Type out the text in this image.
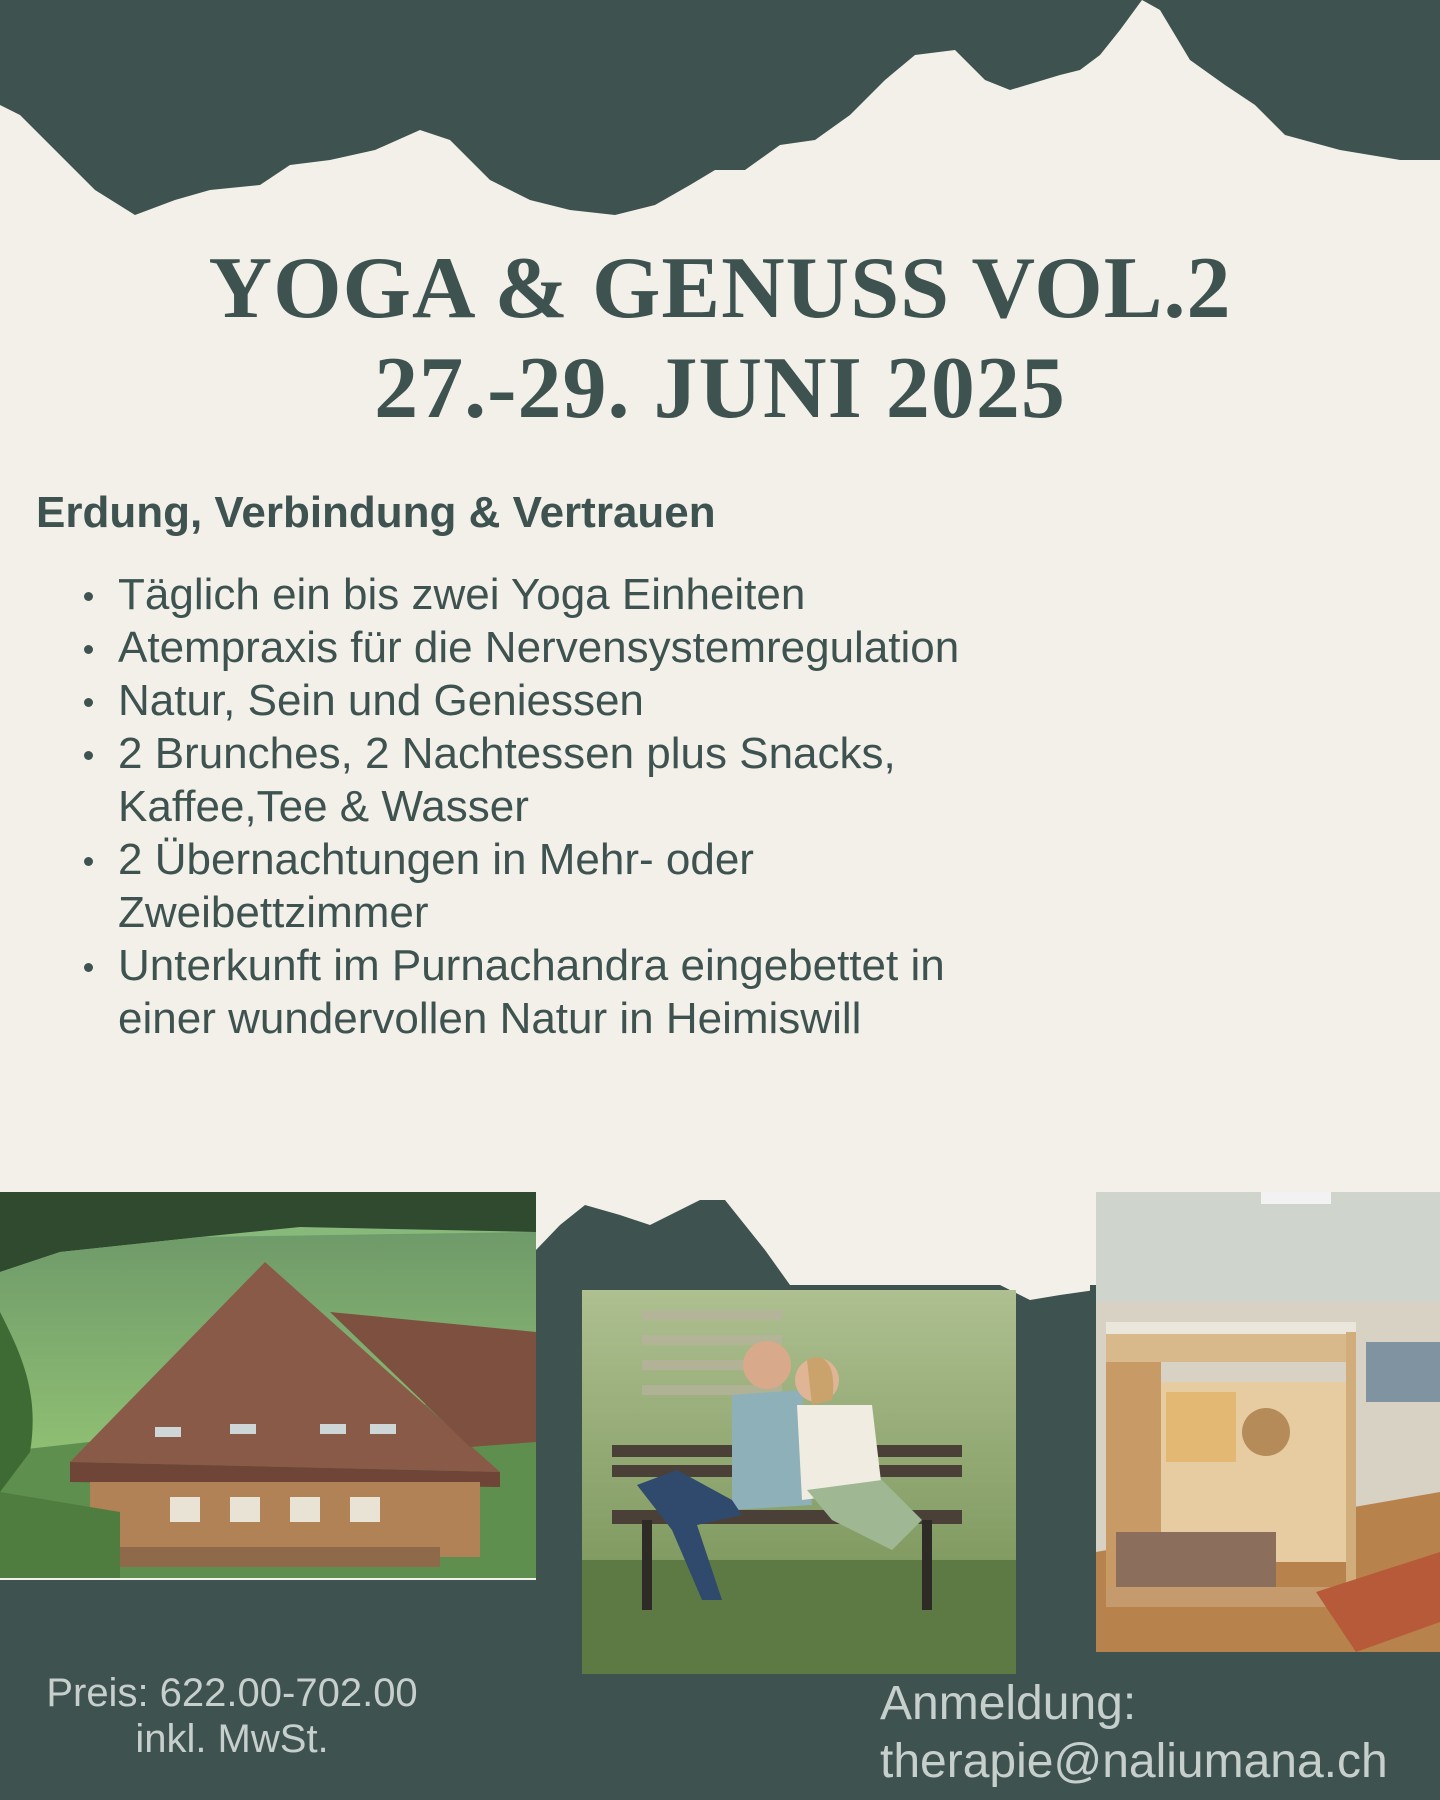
YOGA & GENUSS VOL.2
27.-29. JUNI 2025
Erdung, Verbindung & Vertrauen
Täglich ein bis zwei Yoga Einheiten
Atempraxis für die Nervensystemregulation
Natur, Sein und Geniessen
2 Brunches, 2 Nachtessen plus Snacks, Kaffee,Tee & Wasser
2 Übernachtungen in Mehr- oder Zweibettzimmer
Unterkunft im Purnachandra eingebettet in einer wundervollen Natur in Heimiswill
Preis: 622.00-702.00
inkl. MwSt.
Anmeldung:
therapie@naliumana.ch
